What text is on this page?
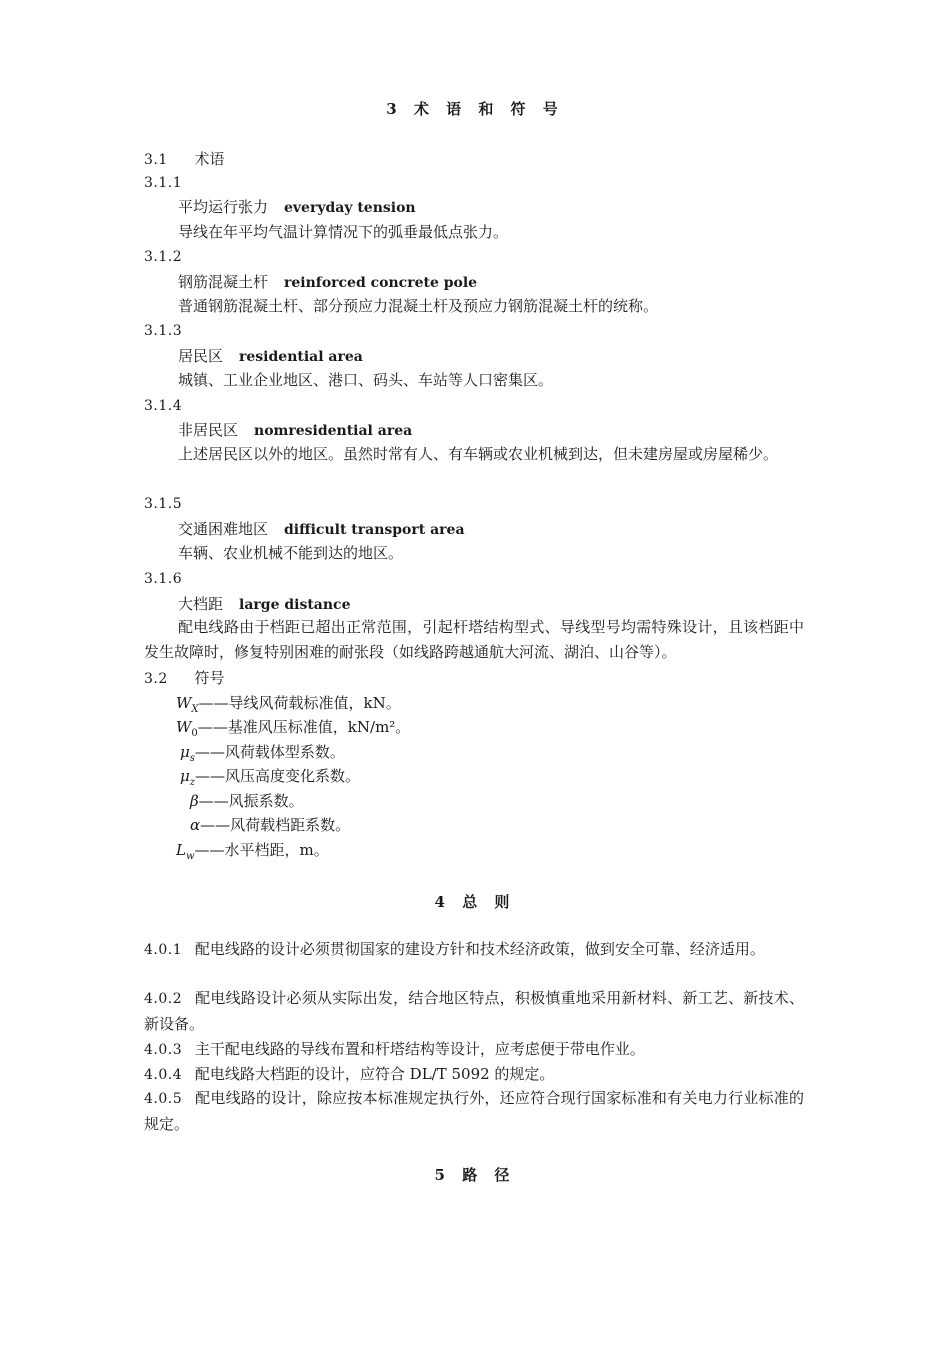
3 术 语 和 符 号
3.1 术语
3.1.1
平均运行张力 everyday tension
导线在年平均气温计算情况下的弧垂最低点张力。
3.1.2
钢筋混凝土杆 reinforced concrete pole
普通钢筋混凝土杆、部分预应力混凝土杆及预应力钢筋混凝土杆的统称。
3.1.3
居民区 residential area
城镇、工业企业地区、港口、码头、车站等人口密集区。
3.1.4
非居民区 nomresidential area
上述居民区以外的地区。虽然时常有人、有车辆或农业机械到达，但未建房屋或房屋稀少。
3.1.5
交通困难地区 difficult transport area
车辆、农业机械不能到达的地区。
3.1.6
大档距 large distance
配电线路由于档距已超出正常范围，引起杆塔结构型式、导线型号均需特殊设计，且该档距中发生故障时，修复特别困难的耐张段（如线路跨越通航大河流、湖泊、山谷等）。
3.2 符号
$W_X——$导线风荷载标准值，kN。
$W_0——$基准风压标准值，kN/m²。
$\mu_s——$风荷载体型系数。
$\mu_z——$风压高度变化系数。
β——风振系数。
α——风荷载档距系数。
$L_w——$水平档距，m。
4 总 则
4.0.1 配电线路的设计必须贯彻国家的建设方针和技术经济政策，做到安全可靠、经济适用。
4.0.2 配电线路设计必须从实际出发，结合地区特点，积极慎重地采用新材料、新工艺、新技术、新设备。
4.0.3 主干配电线路的导线布置和杆塔结构等设计，应考虑便于带电作业。
4.0.4 配电线路大档距的设计，应符合 DL/T 5092 的规定。
4.0.5 配电线路的设计，除应按本标准规定执行外，还应符合现行国家标准和有关电力行业标准的规定。
5 路 径
